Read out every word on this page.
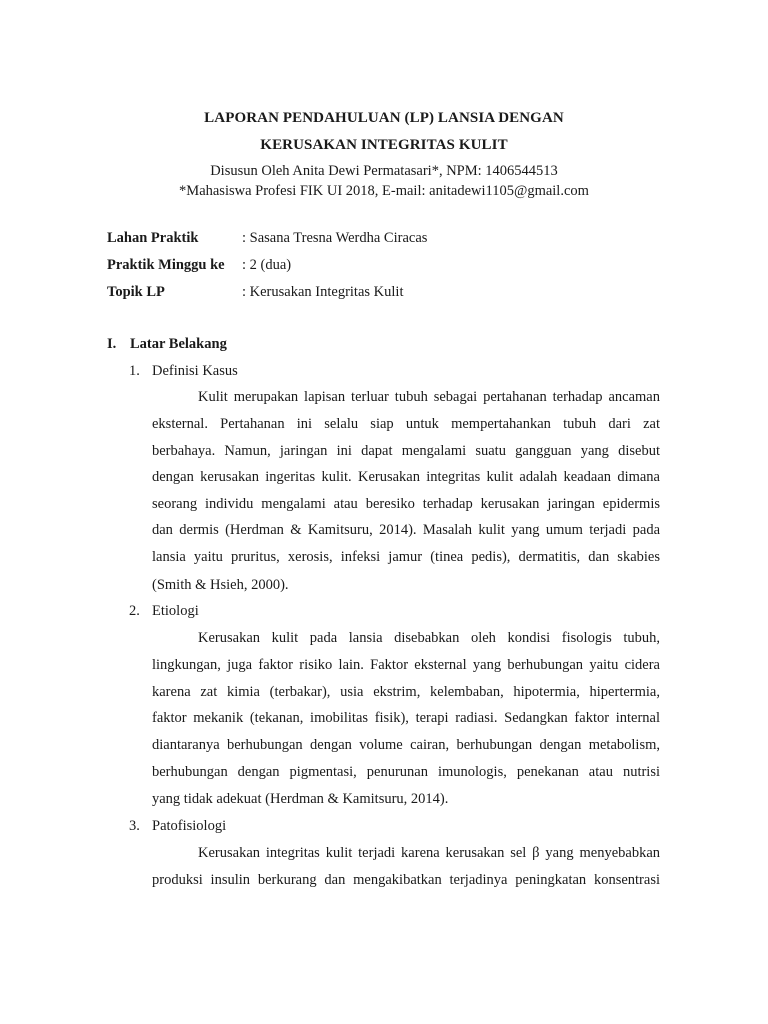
LAPORAN PENDAHULUAN (LP) LANSIA DENGAN
KERUSAKAN INTEGRITAS KULIT
Disusun Oleh Anita Dewi Permatasari*, NPM: 1406544513
*Mahasiswa Profesi FIK UI 2018, E-mail: anitadewi1105@gmail.com
Lahan Praktik	: Sasana Tresna Werdha Ciracas
Praktik Minggu ke : 2 (dua)
Topik LP	: Kerusakan Integritas Kulit
I. Latar Belakang
1. Definisi Kasus
Kulit merupakan lapisan terluar tubuh sebagai pertahanan terhadap ancaman
eksternal. Pertahanan ini selalu siap untuk mempertahankan tubuh dari zat
berbahaya. Namun, jaringan ini dapat mengalami suatu gangguan yang disebut
dengan kerusakan ingeritas kulit. Kerusakan integritas kulit adalah keadaan dimana
seorang individu mengalami atau beresiko terhadap kerusakan jaringan epidermis
dan dermis (Herdman & Kamitsuru, 2014). Masalah kulit yang umum terjadi pada
lansia yaitu pruritus, xerosis, infeksi jamur (tinea pedis), dermatitis, dan skabies
(Smith & Hsieh, 2000).
2. Etiologi
Kerusakan kulit pada lansia disebabkan oleh kondisi fisologis tubuh,
lingkungan, juga faktor risiko lain. Faktor eksternal yang berhubungan yaitu cidera
karena zat kimia (terbakar), usia ekstrim, kelembaban, hipotermia, hipertermia,
faktor mekanik (tekanan, imobilitas fisik), terapi radiasi. Sedangkan faktor internal
diantaranya berhubungan dengan volume cairan, berhubungan dengan metabolism,
berhubungan dengan pigmentasi, penurunan imunologis, penekanan atau nutrisi
yang tidak adekuat (Herdman & Kamitsuru, 2014).
3. Patofisiologi
Kerusakan integritas kulit terjadi karena kerusakan sel β yang menyebabkan
produksi insulin berkurang dan mengakibatkan terjadinya peningkatan konsentrasi
